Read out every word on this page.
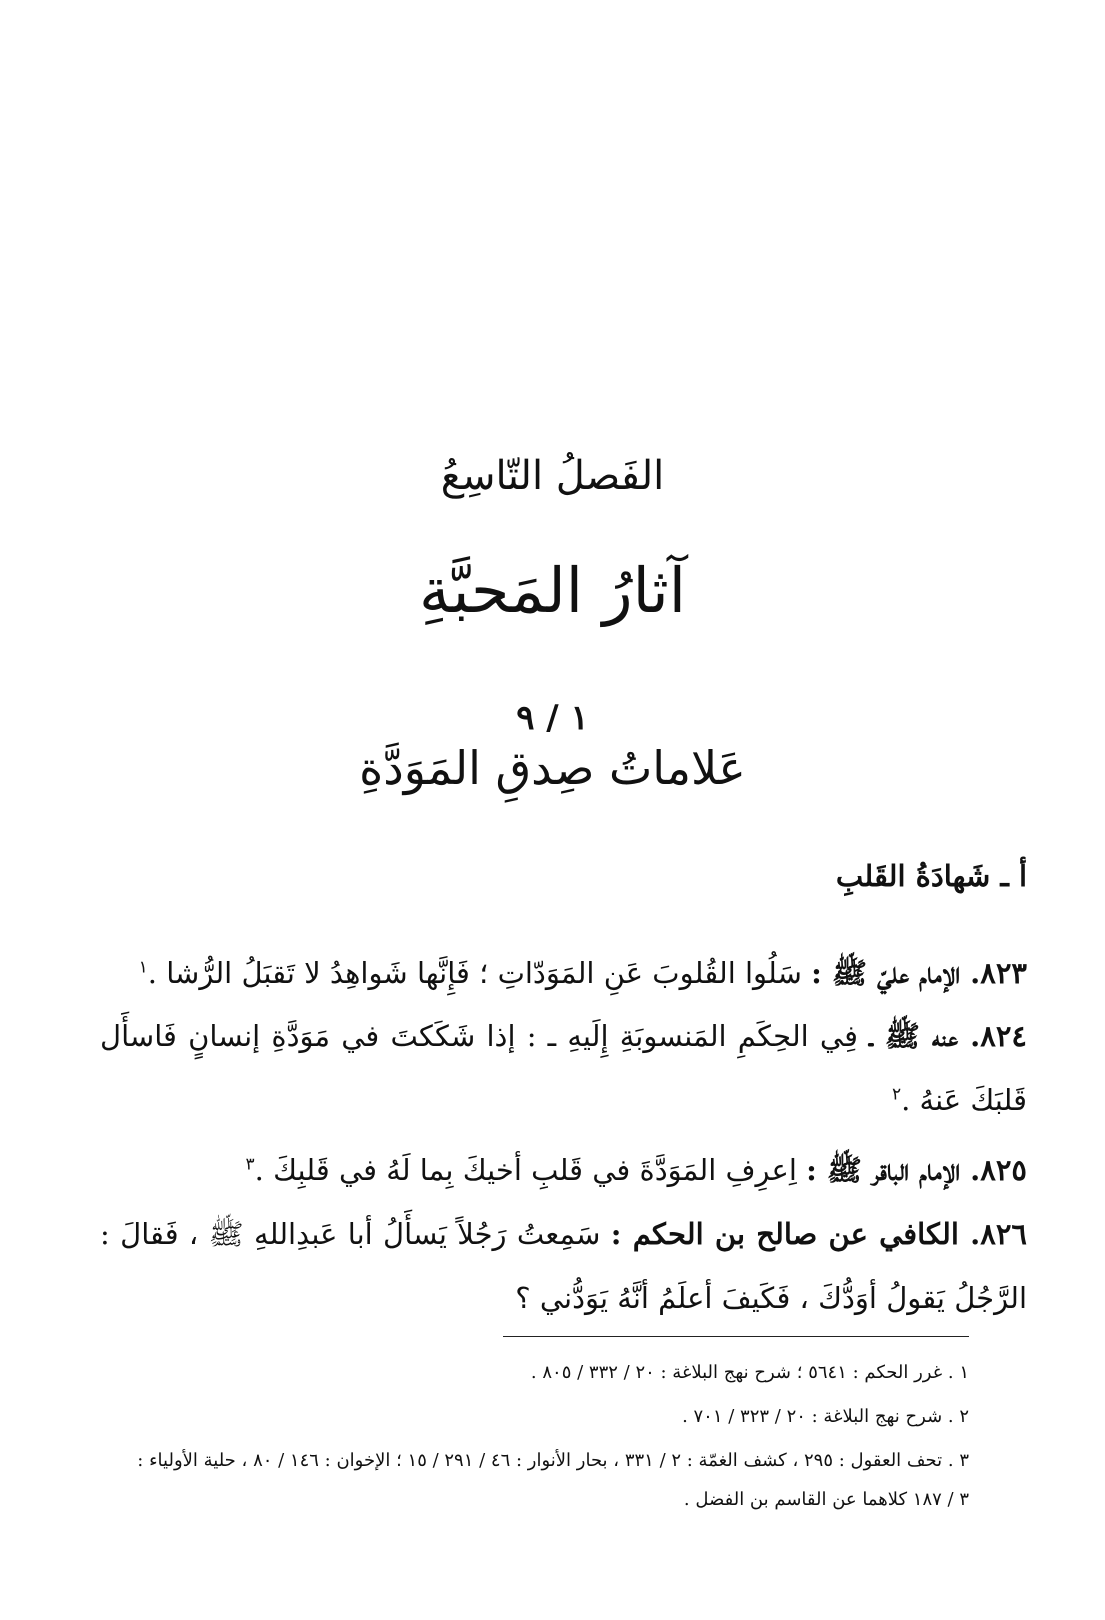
الفَصلُ التّاسِعُ
آثارُ المَحبَّةِ
١ / ٩
عَلاماتُ صِدقِ المَوَدَّةِ
أ ـ شَهادَةُ القَلبِ

٨٢٣. الإمام عليّ ﷺ : سَلُوا القُلوبَ عَنِ المَوَدّاتِ ؛ فَإِنَّها شَواهِدُ لا تَقبَلُ الرُّشا .$^١$

٨٢٤. عنه ﷺ ـ فِي الحِكَمِ المَنسوبَةِ إِلَيهِ ـ : إذا شَكَكتَ في مَوَدَّةِ إنسانٍ فَاسأَل قَلبَكَ عَنهُ .$^٢$

٨٢٥. الإمام الباقر ﷺ : اِعرِفِ المَوَدَّةَ في قَلبِ أخيكَ بِما لَهُ في قَلبِكَ .$^٣$

٨٢٦. الكافي عن صالح بن الحكم : سَمِعتُ رَجُلاً يَسأَلُ أبا عَبدِاللهِ ﷺ ، فَقالَ : الرَّجُلُ يَقولُ أوَدُّكَ ، فَكَيفَ أعلَمُ أنَّهُ يَوَدُّني ؟

١ . غرر الحكم : ٥٦٤١ ؛ شرح نهج البلاغة : ٢٠ / ٣٣٢ / ٨٠٥ .
٢ . شرح نهج البلاغة : ٢٠ / ٣٢٣ / ٧٠١ .
٣ . تحف العقول : ٢٩٥ ، كشف الغمّة : ٢ / ٣٣١ ، بحار الأنوار : ٤٦ / ٢٩١ / ١٥ ؛ الإخوان : ١٤٦ / ٨٠ ، حلية الأولياء :
٣ / ١٨٧ كلاهما عن القاسم بن الفضل .
